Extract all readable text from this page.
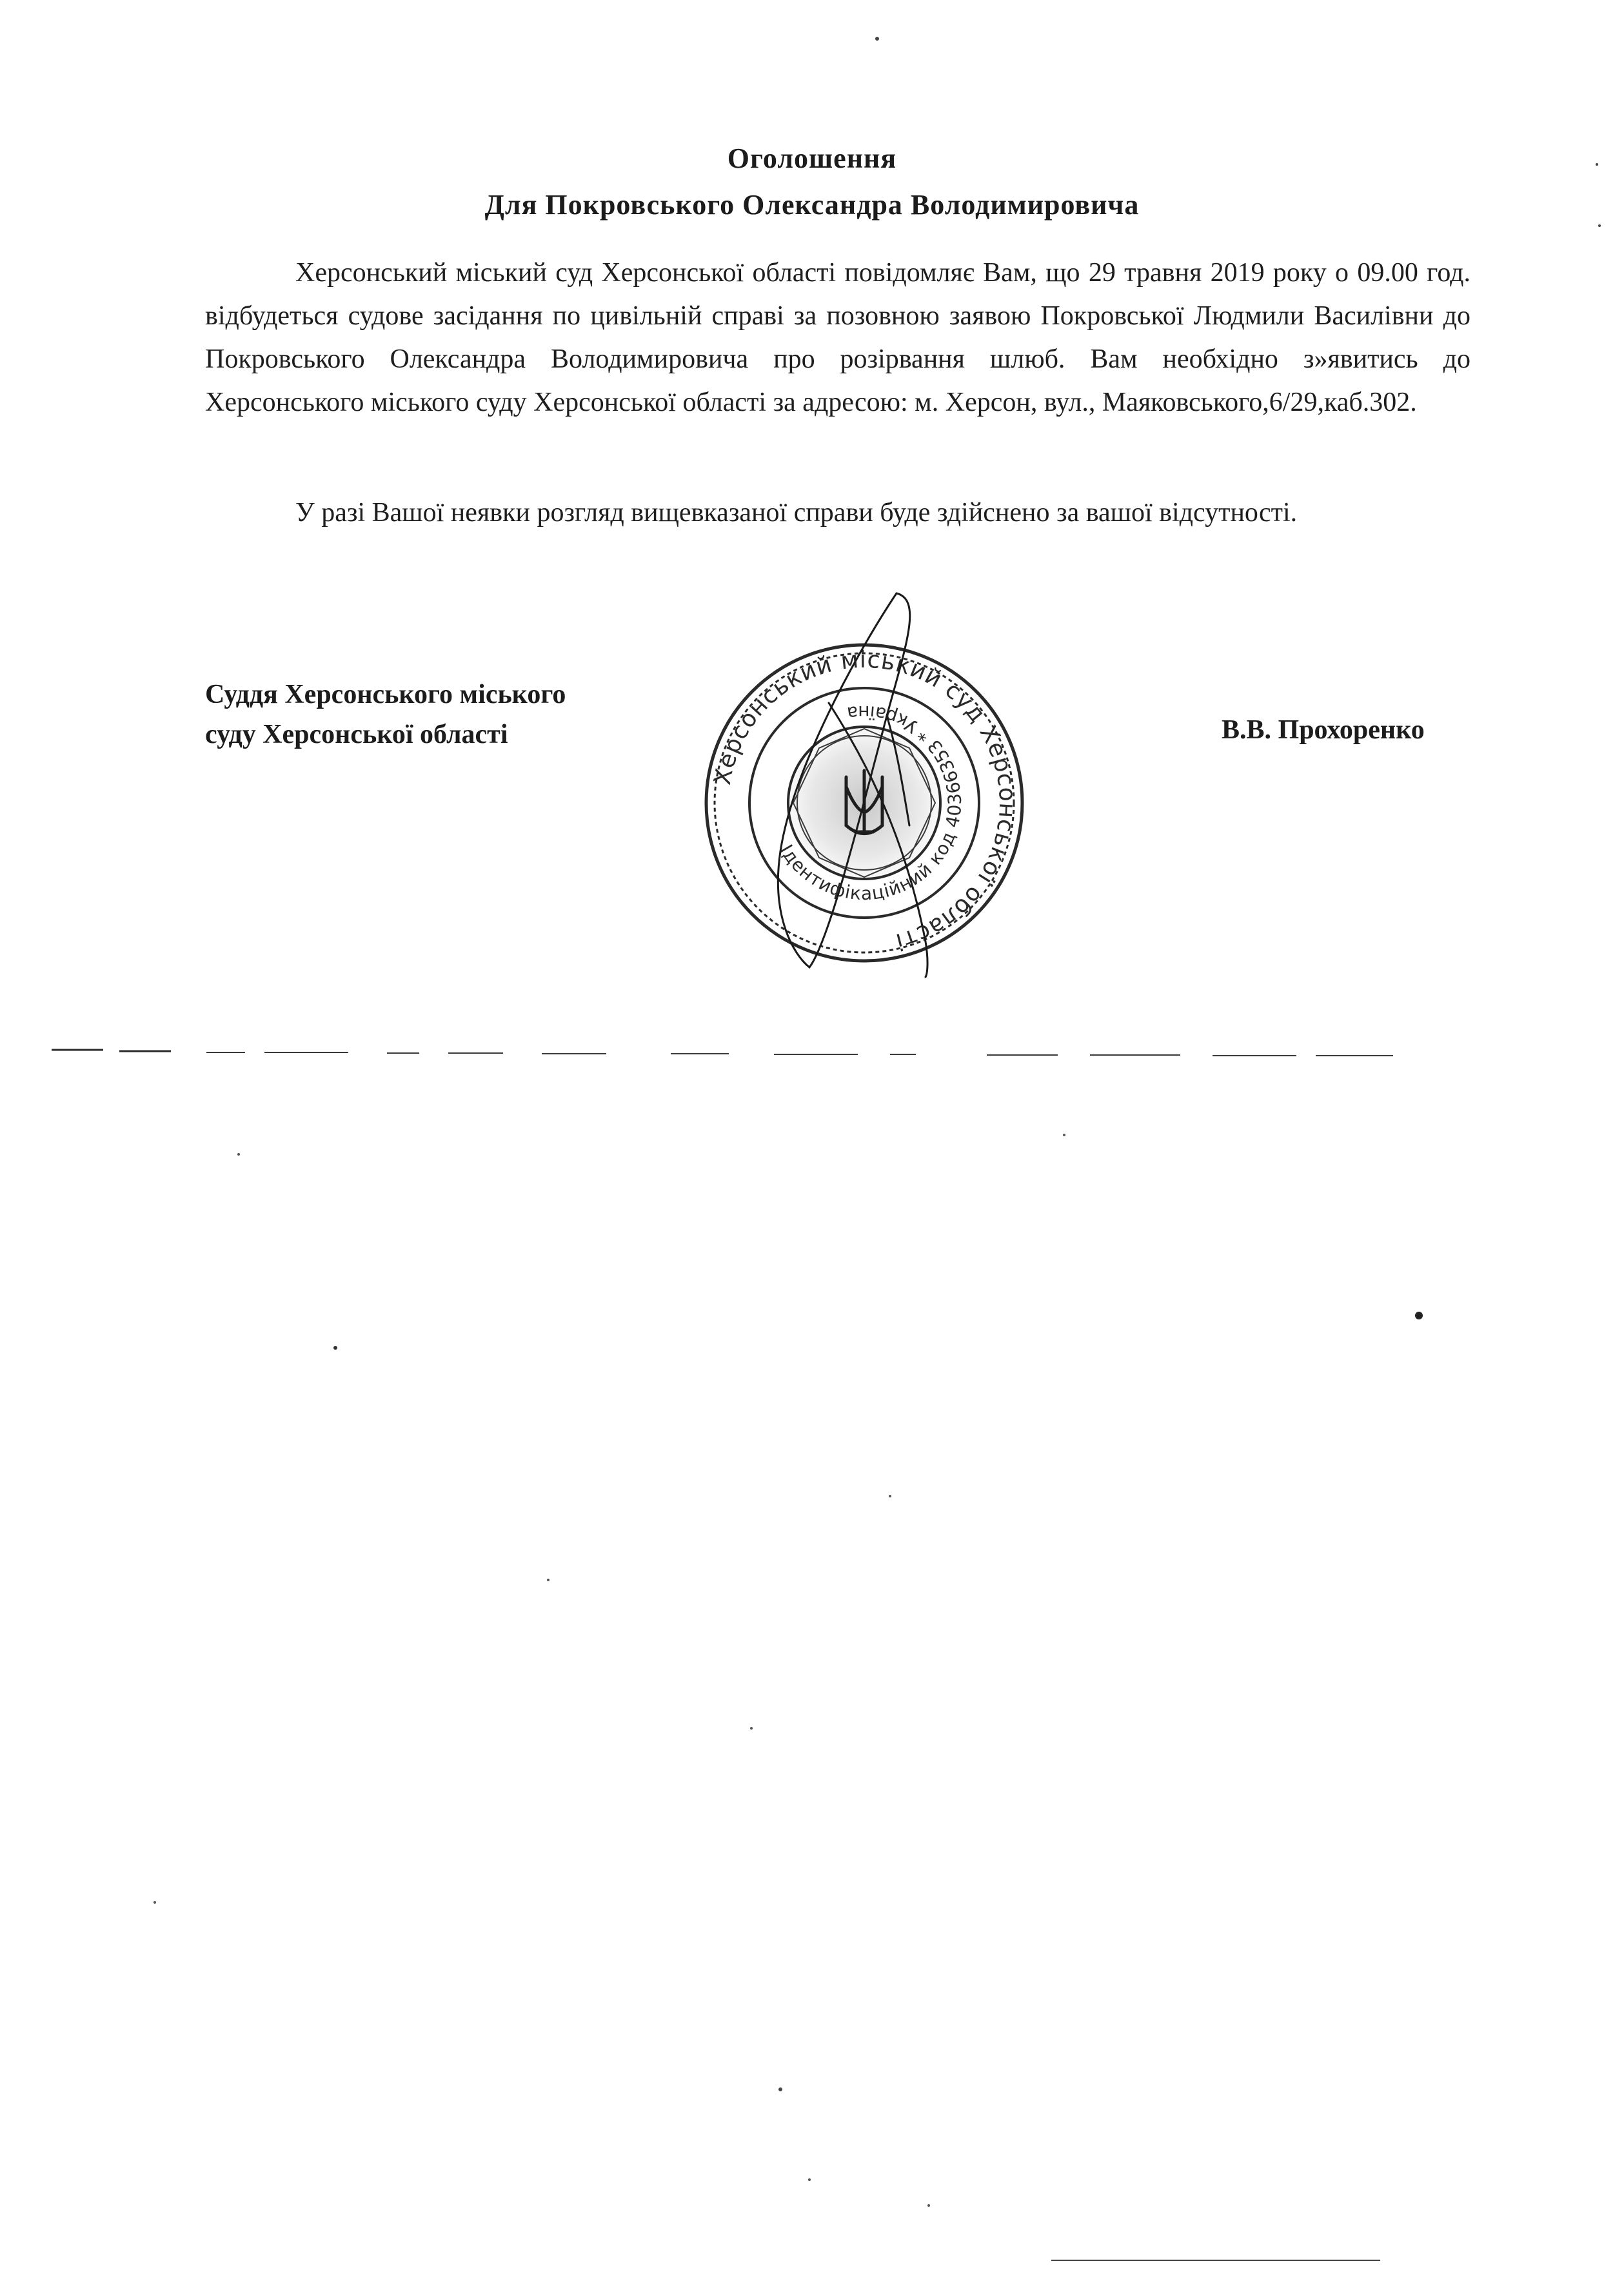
Оголошення
Для Покровського Олександра Володимировича
Херсонський міський суд Херсонської області повідомляє Вам, що 29 травня 2019 року о 09.00 год. відбудеться судове засідання по цивільній справі за позовною заявою Покровської Людмили Василівни до Покровського Олександра Володимировича про розірвання шлюб. Вам необхідно з»явитись до Херсонського міського суду Херсонської області за адресою: м. Херсон, вул., Маяковського,6/29,каб.302.
У разі Вашої неявки розгляд вищевказаної справи буде здійснено за вашої відсутності.
Суддя Херсонського міського
суду Херсонської області	В.В. Прохоренко
Херсонський міський суд Херсонської області
Ідентифікаційний код 40366353 * Україна
